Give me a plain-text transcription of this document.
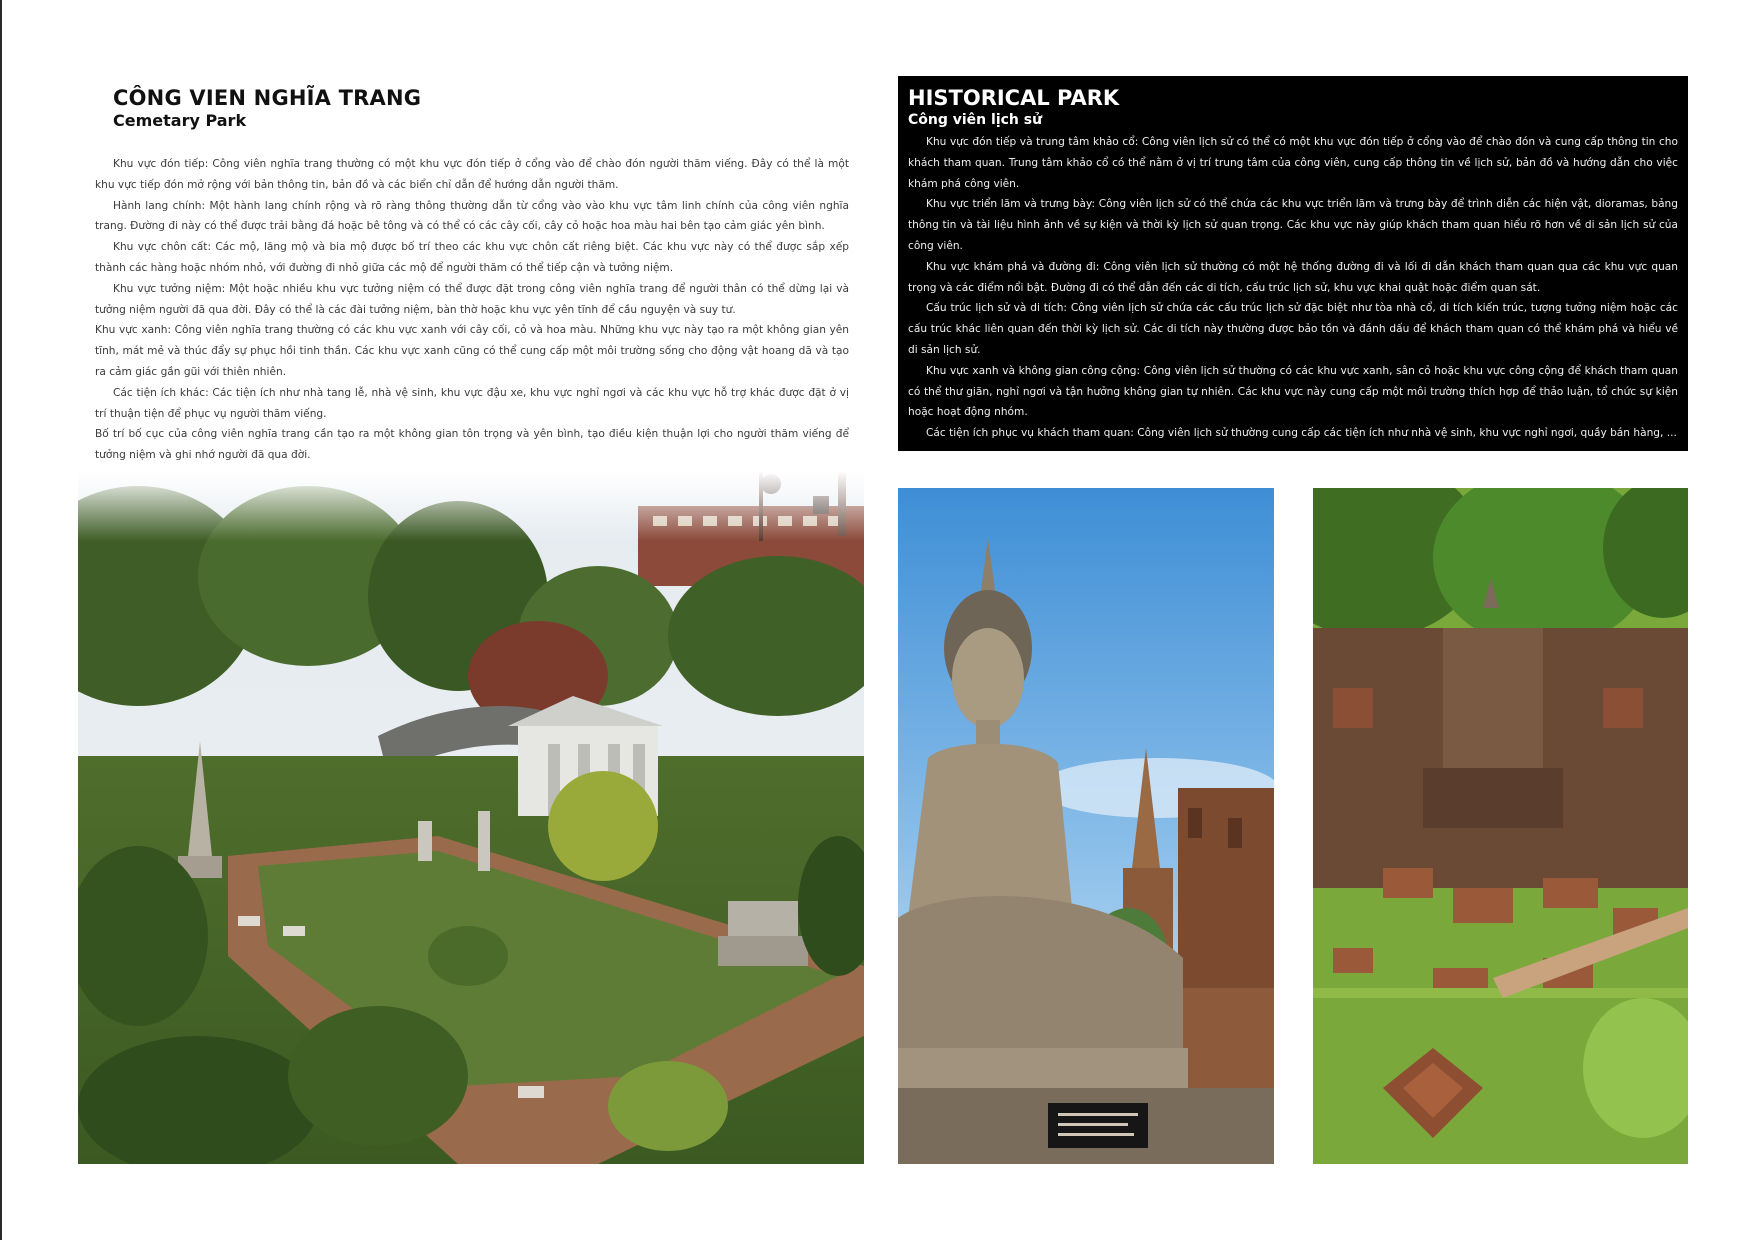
CÔNG VIEN NGHĨA TRANG
Cemetary Park

Khu vực đón tiếp: Công viên nghĩa trang thường có một khu vực đón tiếp ở cổng vào để chào đón người thăm viếng. Đây có thể là một khu vực tiếp đón mở rộng với bản thông tin, bản đồ và các biển chỉ dẫn để hướng dẫn người thăm.

Hành lang chính: Một hành lang chính rộng và rõ ràng thông thường dẫn từ cổng vào vào khu vực tâm linh chính của công viên nghĩa trang. Đường đi này có thể được trải bằng đá hoặc bê tông và có thể có các cây cối, cây cỏ hoặc hoa màu hai bên tạo cảm giác yên bình.

Khu vực chôn cất: Các mộ, lăng mộ và bia mộ được bố trí theo các khu vực chôn cất riêng biệt. Các khu vực này có thể được sắp xếp thành các hàng hoặc nhóm nhỏ, với đường đi nhỏ giữa các mộ để người thăm có thể tiếp cận và tưởng niệm.

Khu vực tưởng niệm: Một hoặc nhiều khu vực tưởng niệm có thể được đặt trong công viên nghĩa trang để người thân có thể dừng lại và tưởng niệm người đã qua đời. Đây có thể là các đài tưởng niệm, bàn thờ hoặc khu vực yên tĩnh để cầu nguyện và suy tư.

Khu vực xanh: Công viên nghĩa trang thường có các khu vực xanh với cây cối, cỏ và hoa màu. Những khu vực này tạo ra một không gian yên tĩnh, mát mẻ và thúc đẩy sự phục hồi tinh thần. Các khu vực xanh cũng có thể cung cấp một môi trường sống cho động vật hoang dã và tạo ra cảm giác gần gũi với thiên nhiên.

Các tiện ích khác: Các tiện ích như nhà tang lễ, nhà vệ sinh, khu vực đậu xe, khu vực nghỉ ngơi và các khu vực hỗ trợ khác được đặt ở vị trí thuận tiện để phục vụ người thăm viếng.

Bố trí bố cục của công viên nghĩa trang cần tạo ra một không gian tôn trọng và yên bình, tạo điều kiện thuận lợi cho người thăm viếng để tưởng niệm và ghi nhớ người đã qua đời.

HISTORICAL PARK
Công viên lịch sử

Khu vực đón tiếp và trung tâm khảo cổ: Công viên lịch sử có thể có một khu vực đón tiếp ở cổng vào để chào đón và cung cấp thông tin cho khách tham quan. Trung tâm khảo cổ có thể nằm ở vị trí trung tâm của công viên, cung cấp thông tin về lịch sử, bản đồ và hướng dẫn cho việc khám phá công viên.

Khu vực triển lãm và trưng bày: Công viên lịch sử có thể chứa các khu vực triển lãm và trưng bày để trình diễn các hiện vật, dioramas, bảng thông tin và tài liệu hình ảnh về sự kiện và thời kỳ lịch sử quan trọng. Các khu vực này giúp khách tham quan hiểu rõ hơn về di sản lịch sử của công viên.

Khu vực khám phá và đường đi: Công viên lịch sử thường có một hệ thống đường đi và lối đi dẫn khách tham quan qua các khu vực quan trọng và các điểm nổi bật. Đường đi có thể dẫn đến các di tích, cấu trúc lịch sử, khu vực khai quật hoặc điểm quan sát.

Cấu trúc lịch sử và di tích: Công viên lịch sử chứa các cấu trúc lịch sử đặc biệt như tòa nhà cổ, di tích kiến trúc, tượng tưởng niệm hoặc các cấu trúc khác liên quan đến thời kỳ lịch sử. Các di tích này thường được bảo tồn và đánh dấu để khách tham quan có thể khám phá và hiểu về di sản lịch sử.

Khu vực xanh và không gian công cộng: Công viên lịch sử thường có các khu vực xanh, sân cỏ hoặc khu vực công cộng để khách tham quan có thể thư giãn, nghỉ ngơi và tận hưởng không gian tự nhiên. Các khu vực này cung cấp một môi trường thích hợp để thảo luận, tổ chức sự kiện hoặc hoạt động nhóm.

Các tiện ích phục vụ khách tham quan: Công viên lịch sử thường cung cấp các tiện ích như nhà vệ sinh, khu vực nghỉ ngơi, quầy bán hàng, ...
